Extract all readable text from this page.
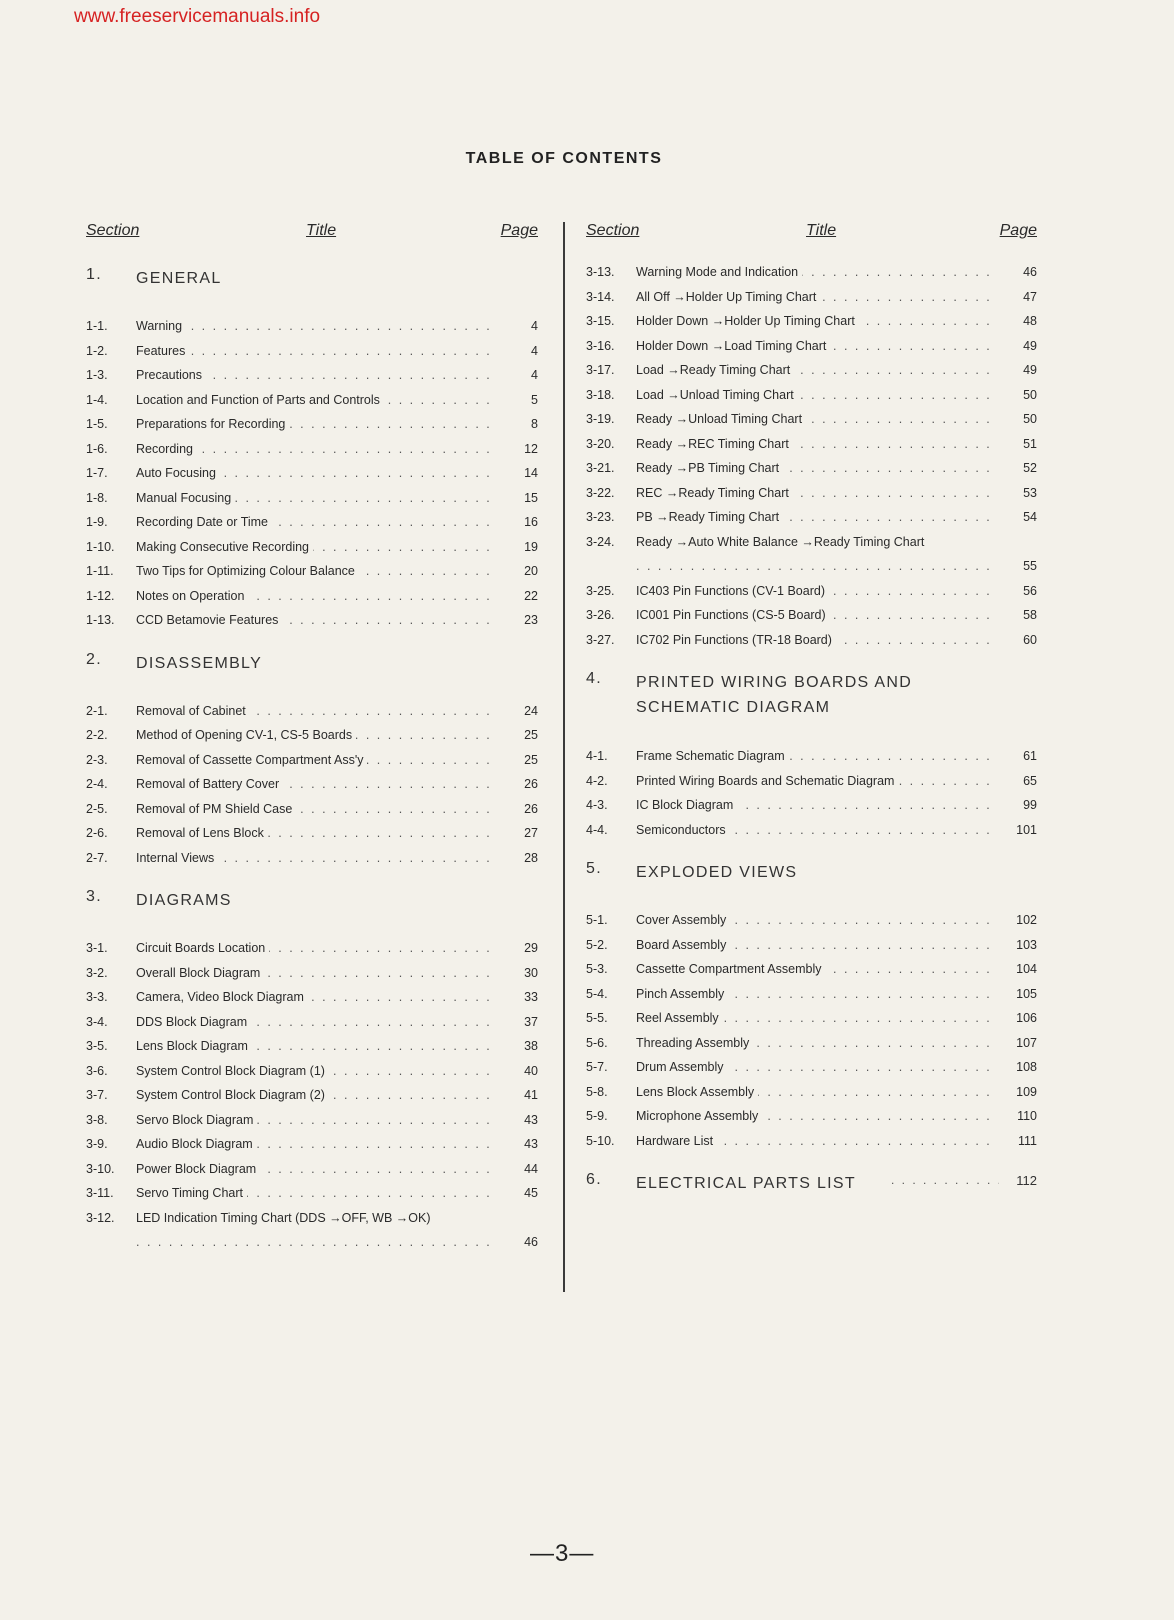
www.freeservicemanuals.info
TABLE OF CONTENTS
Section	Title	Page
1. GENERAL
1-1. Warning . . .	4
1-2. Features . . .	4
1-3. Precautions . . .	4
1-4. Location and Function of Parts and Controls . . .	5
1-5. Preparations for Recording . . .	8
1-6. Recording . . .	12
1-7. Auto Focusing . . .	14
1-8. Manual Focusing . . .	15
1-9. Recording Date or Time . . .	16
1-10. Making Consecutive Recording . . .	19
1-11. Two Tips for Optimizing Colour Balance . . .	20
1-12. Notes on Operation . . .	22
1-13. CCD Betamovie Features . . .	23
2. DISASSEMBLY
2-1. Removal of Cabinet . . .	24
2-2. Method of Opening CV-1, CS-5 Boards . . .	25
2-3. Removal of Cassette Compartment Ass'y . . .	25
2-4. Removal of Battery Cover . . .	26
2-5. Removal of PM Shield Case . . .	26
2-6. Removal of Lens Block . . .	27
2-7. Internal Views . . .	28
3. DIAGRAMS
3-1. Circuit Boards Location . . .	29
3-2. Overall Block Diagram . . .	30
3-3. Camera, Video Block Diagram . . .	33
3-4. DDS Block Diagram . . .	37
3-5. Lens Block Diagram . . .	38
3-6. System Control Block Diagram (1) . . .	40
3-7. System Control Block Diagram (2) . . .	41
3-8. Servo Block Diagram . . .	43
3-9. Audio Block Diagram . . .	43
3-10. Power Block Diagram . . .	44
3-11. Servo Timing Chart . . .	45
3-12. LED Indication Timing Chart (DDS →OFF, WB →OK) . . .
46
Section	Title	Page
3-13. Warning Mode and Indication . . .	46
3-14. All Off →Holder Up Timing Chart . . .	47
3-15. Holder Down →Holder Up Timing Chart . . .	48
3-16. Holder Down →Load Timing Chart . . .	49
3-17. Load →Ready Timing Chart . . .	49
3-18. Load →Unload Timing Chart . . .	50
3-19. Ready →Unload Timing Chart . . .	50
3-20. Ready →REC Timing Chart . . .	51
3-21. Ready →PB Timing Chart . . .	52
3-22. REC →Ready Timing Chart . . .	53
3-23. PB →Ready Timing Chart . . .	54
3-24. Ready →Auto White Balance →Ready Timing Chart . . .
55
3-25. IC403 Pin Functions (CV-1 Board) . . .	56
3-26. IC001 Pin Functions (CS-5 Board) . . .	58
3-27. IC702 Pin Functions (TR-18 Board) . . .	60
4. PRINTED WIRING BOARDS AND SCHEMATIC DIAGRAM
4-1. Frame Schematic Diagram . . .	61
4-2. Printed Wiring Boards and Schematic Diagram . . .	65
4-3. IC Block Diagram . . .	99
4-4. Semiconductors . . .	101
5. EXPLODED VIEWS
5-1. Cover Assembly . . .	102
5-2. Board Assembly . . .	103
5-3. Cassette Compartment Assembly . . .	104
5-4. Pinch Assembly . . .	105
5-5. Reel Assembly . . .	106
5-6. Threading Assembly . . .	107
5-7. Drum Assembly . . .	108
5-8. Lens Block Assembly . . .	109
5-9. Microphone Assembly . . .	110
5-10. Hardware List . . .	111
6. ELECTRICAL PARTS LIST . . .	112
—3—
